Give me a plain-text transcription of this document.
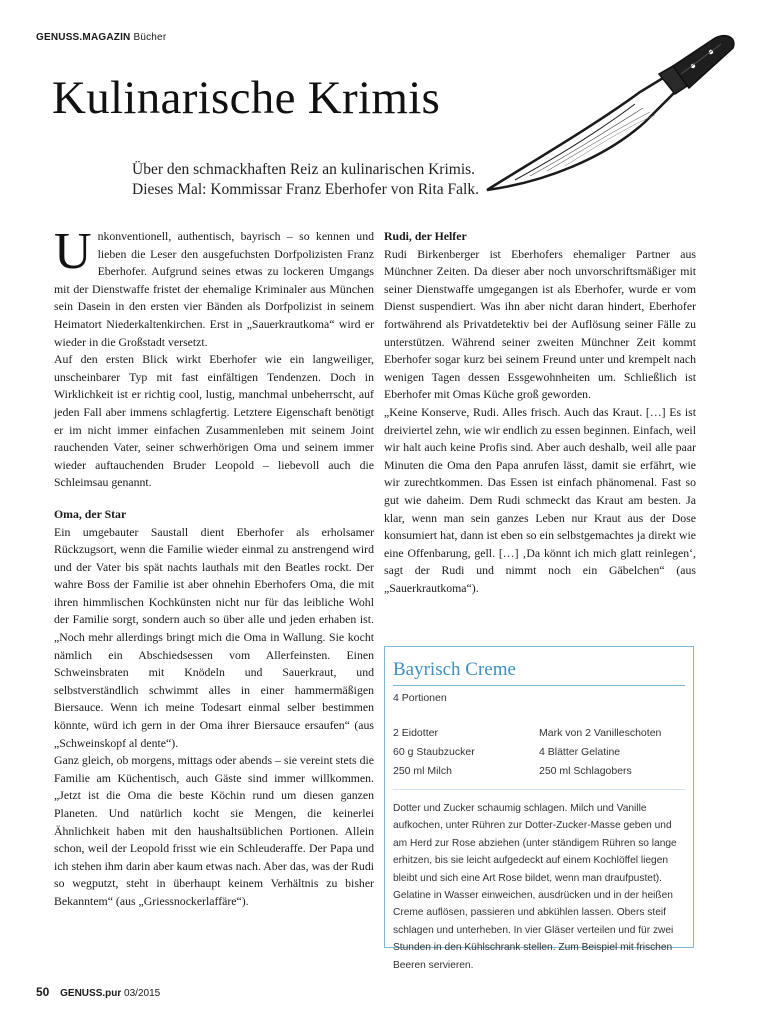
GENUSS.MAGAZIN Bücher
Kulinarische Krimis
Über den schmackhaften Reiz an kulinarischen Krimis.
Dieses Mal: Kommissar Franz Eberhofer von Rita Falk.

Unkonventionell, authentisch, bayrisch – so kennen und lieben die Leser den ausgefuchsten Dorfpolizisten Franz Eberhofer. Aufgrund seines etwas zu lockeren Umgangs mit der Dienstwaffe fristet der ehemalige Kriminaler aus München sein Dasein in den ersten vier Bänden als Dorfpolizist in seinem Heimatort Niederkaltenkirchen. Erst in „Sauerkrautkoma“ wird er wieder in die Großstadt versetzt.

Auf den ersten Blick wirkt Eberhofer wie ein langweiliger, unscheinbarer Typ mit fast einfältigen Tendenzen. Doch in Wirklichkeit ist er richtig cool, lustig, manchmal unbeherrscht, auf jeden Fall aber immens schlagfertig. Letztere Eigenschaft benötigt er im nicht immer einfachen Zusammenleben mit seinem Joint rauchenden Vater, seiner schwerhörigen Oma und seinem immer wieder auftauchenden Bruder Leopold – liebevoll auch die Schleimsau genannt.

Oma, der Star

Ein umgebauter Saustall dient Eberhofer als erholsamer Rückzugsort, wenn die Familie wieder einmal zu anstrengend wird und der Vater bis spät nachts lauthals mit den Beatles rockt. Der wahre Boss der Familie ist aber ohnehin Eberhofers Oma, die mit ihren himmlischen Kochkünsten nicht nur für das leibliche Wohl der Familie sorgt, sondern auch so über alle und jeden erhaben ist. „Noch mehr allerdings bringt mich die Oma in Wallung. Sie kocht nämlich ein Abschiedsessen vom Allerfeinsten. Einen Schweinsbraten mit Knödeln und Sauerkraut, und selbstverständlich schwimmt alles in einer hammermäßigen Biersauce. Wenn ich meine Todesart einmal selber bestimmen könnte, würd ich gern in der Oma ihrer Biersauce ersaufen“ (aus „Schweinskopf al dente“).

Ganz gleich, ob morgens, mittags oder abends – sie vereint stets die Familie am Küchentisch, auch Gäste sind immer willkommen. „Jetzt ist die Oma die beste Köchin rund um diesen ganzen Planeten. Und natürlich kocht sie Mengen, die keinerlei Ähnlichkeit haben mit den haushaltsüblichen Portionen. Allein schon, weil der Leopold frisst wie ein Schleuderaffe. Der Papa und ich stehen ihm darin aber kaum etwas nach. Aber das, was der Rudi so wegputzt, steht in überhaupt keinem Verhältnis zu bisher Bekanntem“ (aus „Griessnockerlaffäre“).

Rudi, der Helfer

Rudi Birkenberger ist Eberhofers ehemaliger Partner aus Münchner Zeiten. Da dieser aber noch unvorschriftsmäßiger mit seiner Dienstwaffe umgegangen ist als Eberhofer, wurde er vom Dienst suspendiert. Was ihn aber nicht daran hindert, Eberhofer fortwährend als Privatdetektiv bei der Auflösung seiner Fälle zu unterstützen. Während seiner zweiten Münchner Zeit kommt Eberhofer sogar kurz bei seinem Freund unter und krempelt nach wenigen Tagen dessen Essgewohnheiten um. Schließlich ist Eberhofer mit Omas Küche groß geworden.

„Keine Konserve, Rudi. Alles frisch. Auch das Kraut. […] Es ist dreiviertel zehn, wie wir endlich zu essen beginnen. Einfach, weil wir halt auch keine Profis sind. Aber auch deshalb, weil alle paar Minuten die Oma den Papa anrufen lässt, damit sie erfährt, wie wir zurechtkommen. Das Essen ist einfach phänomenal. Fast so gut wie daheim. Dem Rudi schmeckt das Kraut am besten. Ja klar, wenn man sein ganzes Leben nur Kraut aus der Dose konsumiert hat, dann ist eben so ein selbstgemachtes ja direkt wie eine Offenbarung, gell. […] ‚Da könnt ich mich glatt reinlegen‘, sagt der Rudi und nimmt noch ein Gäbelchen“ (aus „Sauerkrautkoma“).

Bayrisch Creme
4 Portionen
2 Eidotter
60 g Staubzucker
250 ml Milch
Mark von 2 Vanilleschoten
4 Blätter Gelatine
250 ml Schlagobers
Dotter und Zucker schaumig schlagen. Milch und Vanille aufkochen, unter Rühren zur Dotter-Zucker-Masse geben und am Herd zur Rose abziehen (unter ständigem Rühren so lange erhitzen, bis sie leicht aufgedeckt auf einem Kochlöffel liegen bleibt und sich eine Art Rose bildet, wenn man draufpustet). Gelatine in Wasser einweichen, ausdrücken und in der heißen Creme auflösen, passieren und abkühlen lassen. Obers steif schlagen und unterheben. In vier Gläser verteilen und für zwei Stunden in den Kühlschrank stellen. Zum Beispiel mit frischen Beeren servieren.
50 GENUSS.pur 03/2015
